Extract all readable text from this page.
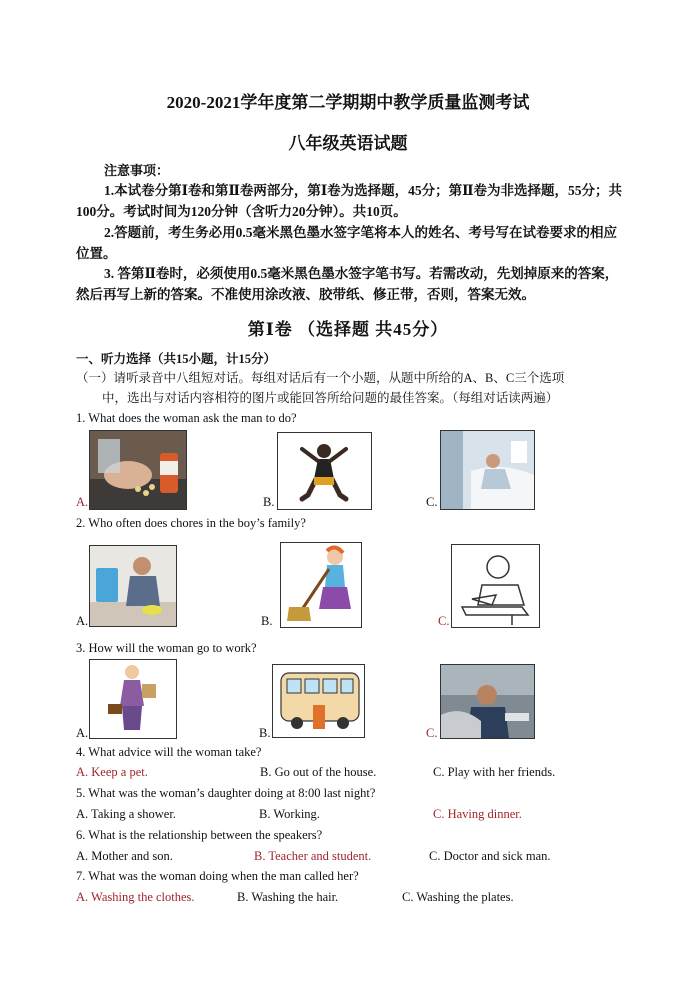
2020-2021学年度第二学期期中教学质量监测考试
八年级英语试题
注意事项：
1.本试卷分第Ⅰ卷和第Ⅱ卷两部分，第Ⅰ卷为选择题，45分；第Ⅱ卷为非选择题，55分；共100分。考试时间为120分钟（含听力20分钟）。共10页。
2.答题前，考生务必用0.5毫米黑色墨水签字笔将本人的姓名、考号写在试卷要求的相应位置。
3. 答第Ⅱ卷时，必须使用0.5毫米黑色墨水签字笔书写。若需改动，先划掉原来的答案，然后再写上新的答案。不准使用涂改液、胶带纸、修正带，否则，答案无效。
第Ⅰ卷 （选择题 共45分）
一、听力选择（共15小题，计15分）
（一）请听录音中八组短对话。每组对话后有一个小题，从题中所给的A、B、C三个选项
中，选出与对话内容相符的图片或能回答所给问题的最佳答案。（每组对话读两遍）
1. What does the woman ask the man to do?
A.	B.	C.
2. Who often does chores in the boy’s family?
A.	B.	C.
3. How will the woman go to work?
A.	B.	C.
4. What advice will the woman take?
A. Keep a pet.	B. Go out of the house.	C. Play with her friends.
5. What was the woman’s daughter doing at 8:00 last night?
A. Taking a shower.	B. Working.	C. Having dinner.
6. What is the relationship between the speakers?
A. Mother and son.	B. Teacher and student.	C. Doctor and sick man.
7. What was the woman doing when the man called her?
A. Washing the clothes.	B. Washing the hair.	C. Washing the plates.
